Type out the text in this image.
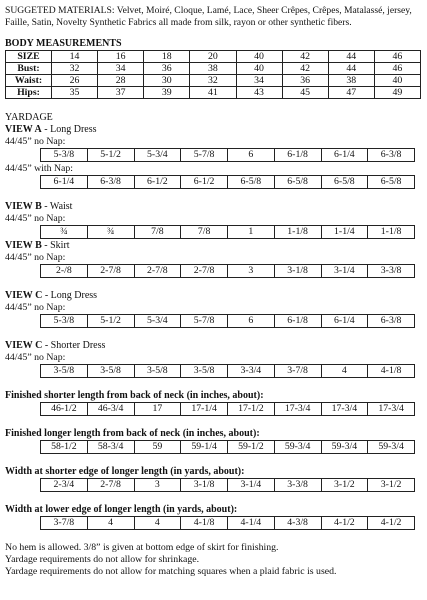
SUGGETED MATERIALS: Velvet, Moiré, Cloque, Lamé, Lace, Sheer Crêpes, Crêpes, Matalassé, jersey, Faille, Satin, Novelty Synthetic Fabrics all made from silk, rayon or other synthetic fibers.
BODY MEASUREMENTS
SIZE	14	16	18	20	40	42	44	46
Bust:	32	34	36	38	40	42	44	46
Waist:	26	28	30	32	34	36	38	40
Hips:	35	37	39	41	43	45	47	49
YARDAGE
VIEW A - Long Dress
44/45” no Nap:
5-3/8	5-1/2	5-3/4	5-7/8	6	6-1/8	6-1/4	6-3/8
44/45” with Nap:
6-1/4	6-3/8	6-1/2	6-1/2	6-5/8	6-5/8	6-5/8	6-5/8
VIEW B - Waist
44/45” no Nap:
¾	¾	7/8	7/8	1	1-1/8	1-1/4	1-1/8
VIEW B - Skirt
44/45” no Nap:
2-/8	2-7/8	2-7/8	2-7/8	3	3-1/8	3-1/4	3-3/8
VIEW C - Long Dress
44/45” no Nap:
5-3/8	5-1/2	5-3/4	5-7/8	6	6-1/8	6-1/4	6-3/8
VIEW C - Shorter Dress
44/45” no Nap:
3-5/8	3-5/8	3-5/8	3-5/8	3-3/4	3-7/8	4	4-1/8
Finished shorter length from back of neck (in inches, about):
46-1/2	46-3/4	17	17-1/4	17-1/2	17-3/4	17-3/4	17-3/4
Finished longer length from back of neck (in inches, about):
58-1/2	58-3/4	59	59-1/4	59-1/2	59-3/4	59-3/4	59-3/4
Width at shorter edge of longer length (in yards, about):
2-3/4	2-7/8	3	3-1/8	3-1/4	3-3/8	3-1/2	3-1/2
Width at lower edge of longer length (in yards, about):
3-7/8	4	4	4-1/8	4-1/4	4-3/8	4-1/2	4-1/2
No hem is allowed. 3/8” is given at bottom edge of skirt for finishing.
Yardage requirements do not allow for shrinkage.
Yardage requirements do not allow for matching squares when a plaid fabric is used.
